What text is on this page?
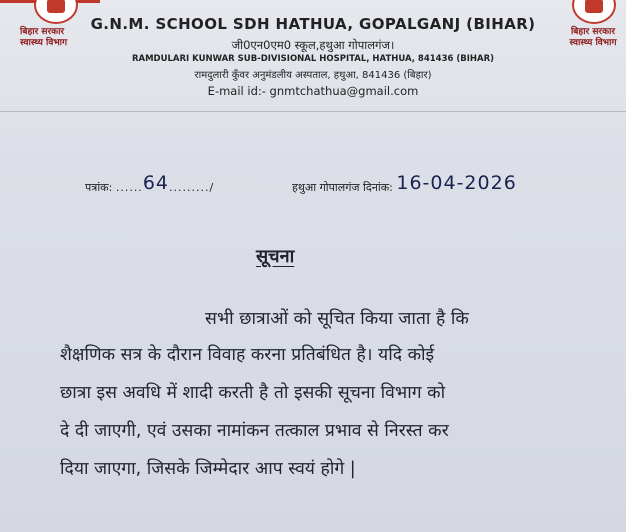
बिहार सरकार
स्वास्थ्य विभाग
बिहार सरकार
स्वास्थ्य विभाग
G.N.M. SCHOOL SDH HATHUA, GOPALGANJ (BIHAR)
जी0एन0एम0 स्कूल,हथुआ गोपालगंज।
RAMDULARI KUNWAR SUB-DIVISIONAL HOSPITAL, HATHUA, 841436 (BIHAR)
रामदुलारी कुँवर अनुमंडलीय अस्पताल, हथुआ, 841436 (बिहार)
E-mail id:- gnmtchathua@gmail.com
पत्रांक: ......64........./	हथुआ गोपालगंज दिनांक: 16-04-2026
सूचना
सभी छात्राओं को सूचित किया जाता है कि
शैक्षणिक सत्र के दौरान विवाह करना प्रतिबंधित है। यदि कोई
छात्रा इस अवधि में शादी करती है तो इसकी सूचना विभाग को
दे दी जाएगी, एवं उसका नामांकन तत्काल प्रभाव से निरस्त कर
दिया जाएगा, जिसके जिम्मेदार आप स्वयं होगे |
